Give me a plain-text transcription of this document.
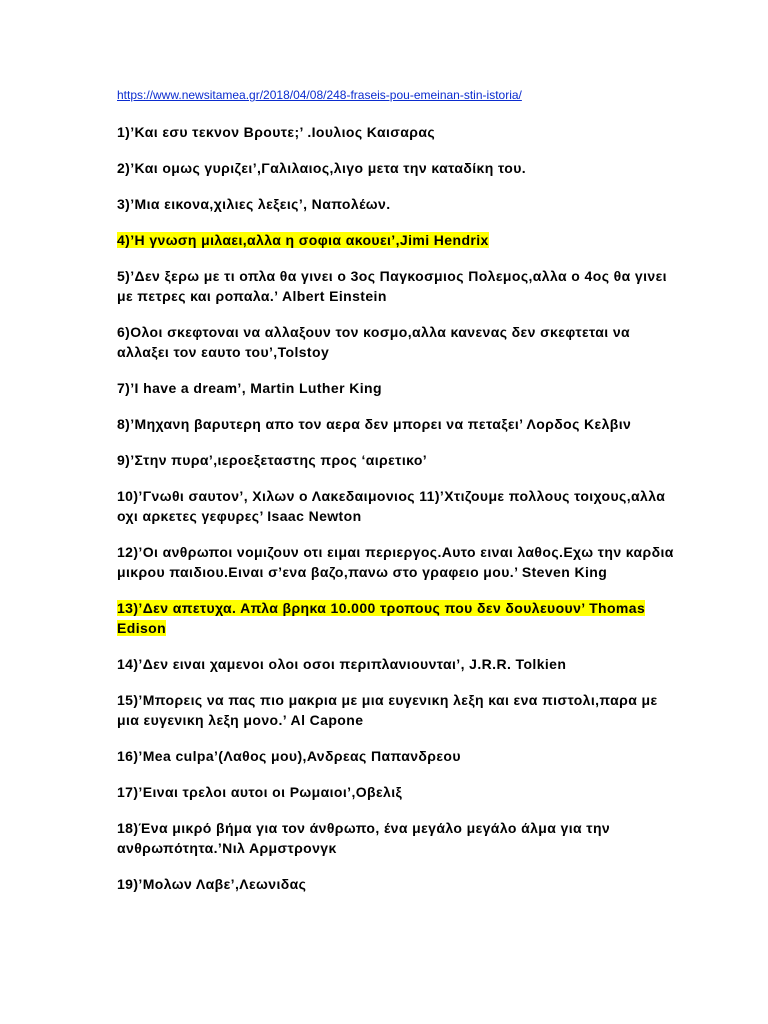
https://www.newsitamea.gr/2018/04/08/248-fraseis-pou-emeinan-stin-istoria/

1)’Και εσυ τεκνον Βρουτε;’ .Ιουλιος Καισαρας

2)’Και ομως γυριζει’,Γαλιλαιος,λιγο μετα την καταδίκη του.

3)’Μια εικονα,χιλιες λεξεις’, Ναπολέων.

4)’Η γνωση μιλαει,αλλα η σοφια ακουει’,Jimi Hendrix

5)’Δεν ξερω με τι οπλα θα γινει ο 3ος Παγκοσμιος Πολεμος,αλλα ο 4ος θα γινει με πετρες και ροπαλα.’ Albert Einstein

6)Ολοι σκεφτοναι να αλλαξουν τον κοσμο,αλλα κανενας δεν σκεφτεται να αλλαξει τον εαυτο του’,Tolstoy

7)’I have a dream’, Martin Luther King

8)’Μηχανη βαρυτερη απο τον αερα δεν μπορει να πεταξει’ Λορδος Κελβιν

9)’Στην πυρα’,ιεροεξεταστης προς ‘αιρετικο’

10)’Γνωθι σαυτον’, Χιλων ο Λακεδαιμονιος 11)’Χτιζουμε πολλους τοιχους,αλλα οχι αρκετες γεφυρες’ Isaac Newton

12)’Οι ανθρωποι νομιζουν οτι ειμαι περιεργος.Αυτο ειναι λαθος.Εχω την καρδια μικρου παιδιου.Ειναι σ’ενα βαζο,πανω στο γραφειο μου.’ Steven King

13)’Δεν απετυχα. Απλα βρηκα 10.000 τροπους που δεν δουλευουν’ Thomas Edison

14)’Δεν ειναι χαμενοι ολοι οσοι περιπλανιουνται’, J.R.R. Tolkien

15)’Μπορεις να πας πιο μακρια με μια ευγενικη λεξη και ενα πιστολι,παρα με μια ευγενικη λεξη μονο.’ Al Capone

16)’Mea culpa’(Λαθος μου),Ανδρεας Παπανδρεου

17)’Ειναι τρελοι αυτοι οι Ρωμαιοι’,Οβελιξ

18)Ένα μικρό βήμα για τον άνθρωπο, ένα μεγάλο μεγάλο άλμα για την ανθρωπότητα.’Νιλ Αρμστρονγκ

19)’Μολων Λαβε’,Λεωνιδας
